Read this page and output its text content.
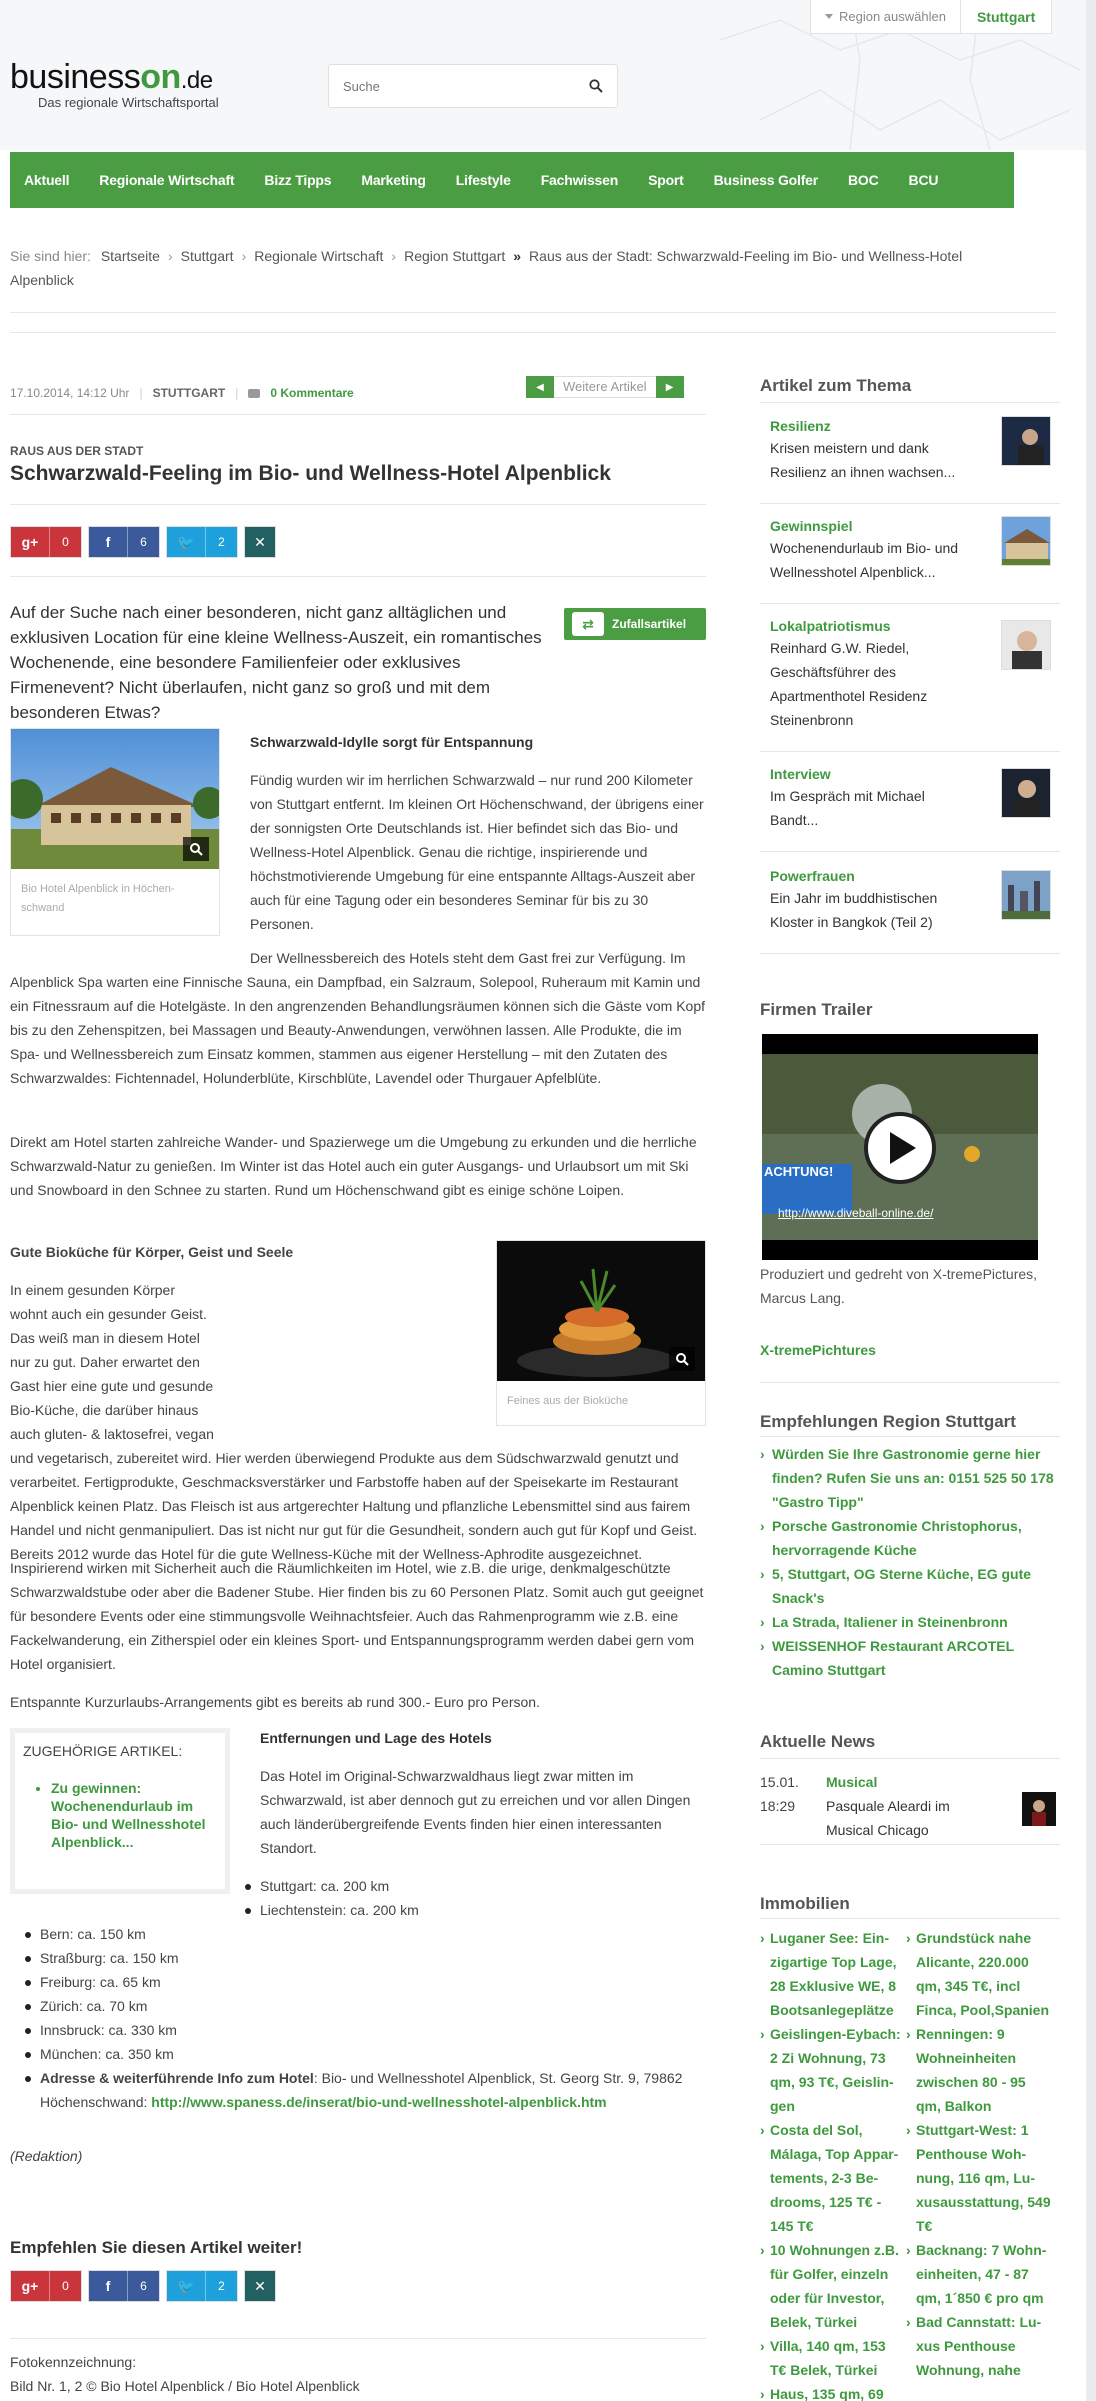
Region auswählen	Stuttgart
business on .de
Das regionale Wirtschaftsportal
Suche
Aktuell Regionale Wirtschaft Bizz Tipps Marketing Lifestyle Fachwissen Sport Business Golfer BOC BCU
Sie sind hier: Startseite › Stuttgart › Regionale Wirtschaft › Region Stuttgart » Raus aus der Stadt: Schwarzwald-Feeling im Bio- und Wellness-Hotel Alpenblick
17.10.2014, 14:12 Uhr | STUTTGART |	0 Kommentare	◀	Weitere Artikel	▶
RAUS AUS DER STADT
Schwarzwald-Feeling im Bio- und Wellness-Hotel Alpenblick
g+	0	f	6	🐦	2	✕

Auf der Suche nach einer besonderen, nicht ganz alltäglichen und exklusiven Location für eine kleine Wellness-Auszeit, ein romantisches Wochenende, eine besondere Familienfeier oder exklusives Firmenevent? Nicht überlaufen, nicht ganz so groß und mit dem besonderen Etwas?

⇄	Zufallsartikel
Bio Hotel Alpenblick in Höchen-schwand
Schwarzwald-Idylle sorgt für Entspannung

Fündig wurden wir im herrlichen Schwarzwald – nur rund 200 Kilometer von Stuttgart entfernt. Im kleinen Ort Höchenschwand, der übrigens einer der sonnigsten Orte Deutschlands ist. Hier befindet sich das Bio- und Wellness-Hotel Alpenblick. Genau die richtige, inspirierende und höchstmotivierende Umgebung für eine entspannte Alltags-Auszeit aber auch für eine Tagung oder ein besonderes Seminar für bis zu 30 Personen.

Der Wellnessbereich des Hotels steht dem Gast frei zur Verfügung. Im Alpenblick Spa warten eine Finnische Sauna, ein Dampfbad, ein Salzraum, Solepool, Ruheraum mit Kamin und ein Fitnessraum auf die Hotelgäste. In den angrenzenden Behandlungsräumen können sich die Gäste vom Kopf bis zu den Zehenspitzen, bei Massagen und Beauty-Anwendungen, verwöhnen lassen. Alle Produkte, die im Spa- und Wellnessbereich zum Einsatz kommen, stammen aus eigener Herstellung – mit den Zutaten des Schwarzwaldes: Fichtennadel, Holunderblüte, Kirschblüte, Lavendel oder Thurgauer Apfelblüte.

Direkt am Hotel starten zahlreiche Wander- und Spazierwege um die Umgebung zu erkunden und die herrliche Schwarzwald-Natur zu genießen. Im Winter ist das Hotel auch ein guter Ausgangs- und Urlaubsort um mit Ski und Snowboard in den Schnee zu starten. Rund um Höchenschwand gibt es einige schöne Loipen.

Feines aus der Bioküche
Gute Bioküche für Körper, Geist und Seele

In einem gesunden Körper wohnt auch ein gesunder Geist. Das weiß man in diesem Hotel nur zu gut. Daher erwartet den Gast hier eine gute und gesunde Bio-Küche, die darüber hinaus auch gluten- & laktosefrei, vegan und vegetarisch, zubereitet wird. Hier werden überwiegend Produkte aus dem Südschwarzwald genutzt und verarbeitet. Fertigprodukte, Geschmacksverstärker und Farbstoffe haben auf der Speisekarte im Restaurant Alpenblick keinen Platz. Das Fleisch ist aus artgerechter Haltung und pflanzliche Lebensmittel sind aus fairem Handel und nicht genmanipuliert. Das ist nicht nur gut für die Gesundheit, sondern auch gut für Kopf und Geist. Bereits 2012 wurde das Hotel für die gute Wellness-Küche mit der Wellness-Aphrodite ausgezeichnet.

Inspirierend wirken mit Sicherheit auch die Räumlichkeiten im Hotel, wie z.B. die urige, denkmalgeschützte Schwarzwaldstube oder aber die Badener Stube. Hier finden bis zu 60 Personen Platz. Somit auch gut geeignet für besondere Events oder eine stimmungsvolle Weihnachtsfeier. Auch das Rahmenprogramm wie z.B. eine Fackelwanderung, ein Zitherspiel oder ein kleines Sport- und Entspannungsprogramm werden dabei gern vom Hotel organisiert.

Entspannte Kurzurlaubs-Arrangements gibt es bereits ab rund 300.- Euro pro Person.

ZUGEHÖRIGE ARTIKEL:
• Zu gewinnen: Wochenendurlaub im Bio- und Wellnesshotel Alpenblick...
Entfernungen und Lage des Hotels

Das Hotel im Original-Schwarzwaldhaus liegt zwar mitten im Schwarzwald, ist aber dennoch gut zu erreichen und vor allen Dingen auch länderübergreifende Events finden hier einen interessanten Standort.

Stuttgart: ca. 200 km
Liechtenstein: ca. 200 km
Bern: ca. 150 km
Straßburg: ca. 150 km
Freiburg: ca. 65 km
Zürich: ca. 70 km
Innsbruck: ca. 330 km
München: ca. 350 km
Adresse & weiterführende Info zum Hotel: Bio- und Wellnesshotel Alpenblick, St. Georg Str. 9, 79862 Höchenschwand: http://www.spaness.de/inserat/bio-und-wellnesshotel-alpenblick.htm
(Redaktion)
Empfehlen Sie diesen Artikel weiter!
g+	0	f	6	🐦	2	✕
Fotokennzeichnung:
Bild Nr. 1, 2 © Bio Hotel Alpenblick / Bio Hotel Alpenblick
Artikel zum Thema
Resilienz
Krisen meistern und dank Resilienz an ihnen wachsen...
Gewinnspiel
Wochenendurlaub im Bio- und Wellnesshotel Alpenblick...
Lokalpatriotismus
Reinhard G.W. Riedel, Geschäftsführer des Apartmenthotel Residenz Steinenbronn
Interview
Im Gespräch mit Michael Bandt...
Powerfrauen
Ein Jahr im buddhistischen Kloster in Bangkok (Teil 2)
Firmen Trailer
ACHTUNG!
http://www.diveball-online.de/
Produziert und gedreht von X-tremePictures, Marcus Lang.
X-tremePichtures
Empfehlungen Region Stuttgart
› Würden Sie Ihre Gastronomie gerne hier finden? Rufen Sie uns an: 0151 525 50 178 "Gastro Tipp"
› Porsche Gastronomie Christophorus, hervorragende Küche
› 5, Stuttgart, OG Sterne Küche, EG gute Snack's
› La Strada, Italiener in Steinenbronn
› WEISSENHOF Restaurant ARCOTEL Camino Stuttgart
Aktuelle News
15.01.
18:29
Musical
Pasquale Aleardi im Musical Chicago
Immobilien
› Luganer See: Ein-zigartige Top Lage, 28 Exklusive WE, 8 Bootsanlegeplätze
› Geislingen-Eybach: 2 Zi Wohnung, 73 qm, 93 T€, Geislin-gen
› Costa del Sol, Málaga, Top Appar-tements, 2-3 Be-drooms, 125 T€ - 145 T€
› 10 Wohnungen z.B. für Golfer, einzeln oder für Investor, Belek, Türkei
› Villa, 140 qm, 153 T€ Belek, Türkei
› Haus, 135 qm, 69
› Grundstück nahe Alicante, 220.000 qm, 345 T€, incl Finca, Pool,Spanien
› Renningen: 9 Wohneinheiten zwischen 80 - 95 qm, Balkon
› Stuttgart-West: 1 Penthouse Woh-nung, 116 qm, Lu-xusausstattung, 549 T€
› Backnang: 7 Wohn-einheiten, 47 - 87 qm, 1´850 € pro qm
› Bad Cannstatt: Lu-xus Penthouse Wohnung, nahe
